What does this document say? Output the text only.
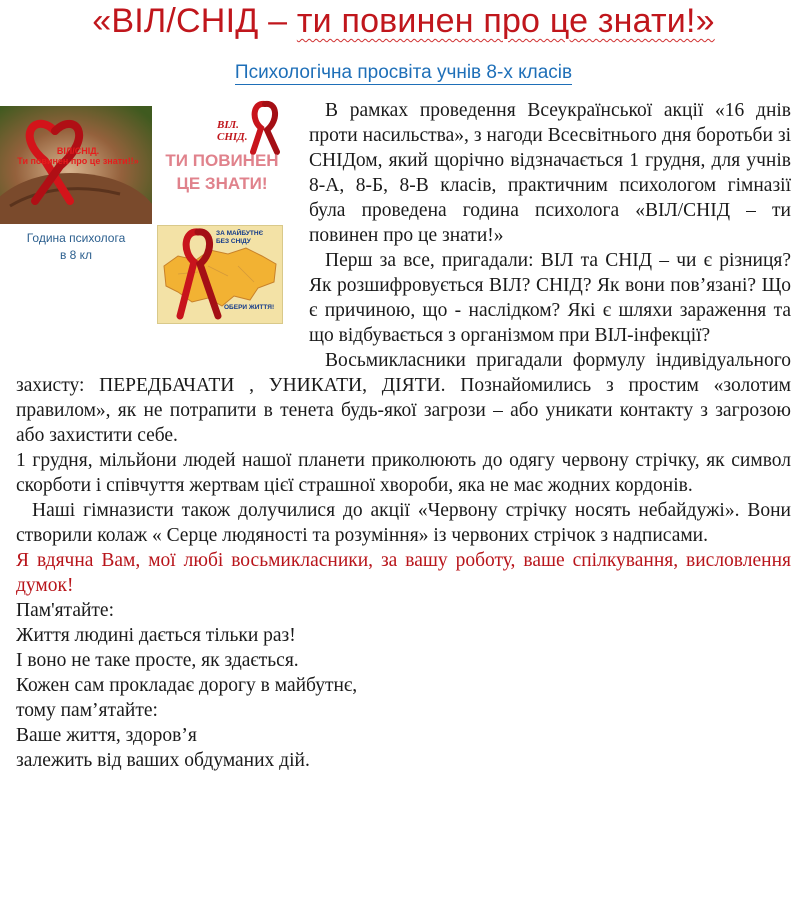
«ВІЛ/СНІД – ти повинен про це знати!»
Психологічна просвіта учнів 8-х класів
ВІЛ/СНІД.
Ти повинен про це знати!!»
Година психолога
в 8 кл
ВІЛ.
СНІД.
ТИ ПОВИНЕН
ЦЕ ЗНАТИ!
ЗА МАЙБУТНЄ
БЕЗ СНІДУ
ОБЕРИ ЖИТТЯ!

В рамках проведення Всеукраїнської акції «16 днів проти насильства», з нагоди Всесвітнього дня боротьби зі СНІДом, який щорічно відзначається 1 грудня, для учнів 8-А, 8-Б, 8-В класів, практичним психологом гімназії була проведена година психолога «ВІЛ/СНІД – ти повинен про це знати!»

Перш за все, пригадали: ВІЛ та СНІД – чи є різниця? Як розшифровується ВІЛ? СНІД? Як вони пов’язані? Що є причиною, що - наслідком? Які є шляхи зараження та що відбувається з організмом при ВІЛ-інфекції?

Восьмикласники пригадали формулу індивідуального захисту: ПЕРЕДБАЧАТИ , УНИКАТИ, ДІЯТИ. Познайомились з простим «золотим правилом», як не потрапити в тенета будь-якої загрози – або уникати контакту з загрозою або захистити себе.

1 грудня, мільйони людей нашої планети приколюють до одягу червону стрічку, як символ скорботи і співчуття жертвам цієї страшної хвороби, яка не має жодних кордонів.

Наші гімназисти також долучилися до акції «Червону стрічку носять небайдужі». Вони створили колаж « Серце людяності та розуміння» із червоних стрічок з надписами.

Я вдячна Вам, мої любі восьмикласники, за вашу роботу, ваше спілкування, висловлення думок!

Пам'ятайте:

Життя людині дається тільки раз!

І воно не таке просте, як здається.

Кожен сам прокладає дорогу в майбутнє,

тому пам’ятайте:

Ваше життя, здоров’я

залежить від ваших обдуманих дій.
